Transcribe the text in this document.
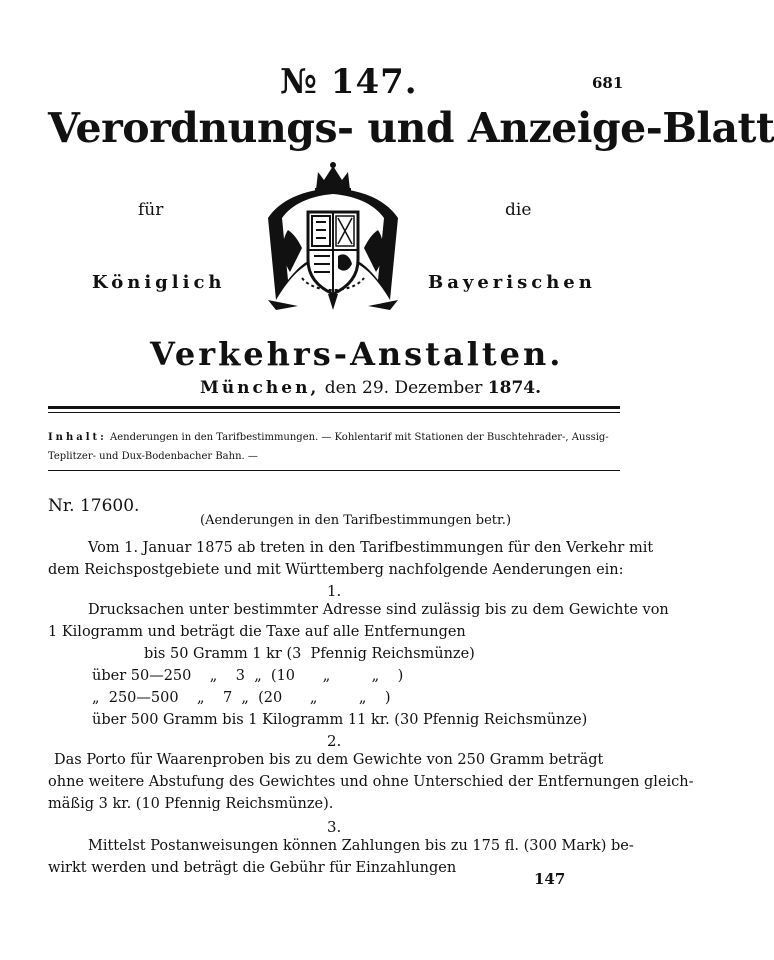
№ 147.	681
Verordnungs- und Anzeige-Blatt
für	die
Königlich	Bayerischen
Verkehrs-Anstalten.
München, den 29. Dezember 1874.
Inhalt: Aenderungen in den Tarifbestimmungen. — Kohlentarif mit Stationen der Buschtehrader-, Aussig-Teplitzer- und Dux-Bodenbacher Bahn. —
Nr. 17600.
(Aenderungen in den Tarifbestimmungen betr.)
Vom 1. Januar 1875 ab treten in den Tarifbestimmungen für den Verkehr mit
dem Reichspostgebiete und mit Württemberg nachfolgende Aenderungen ein:
1.
Drucksachen unter bestimmter Adresse sind zulässig bis zu dem Gewichte von
1 Kilogramm und beträgt die Taxe auf alle Entfernungen
bis 50 Gramm 1 kr (3  Pfennig Reichsmünze)
über 50—250    „    3  „  (10      „         „    )
„  250—500    „    7  „  (20      „         „    )
über 500 Gramm bis 1 Kilogramm 11 kr. (30 Pfennig Reichsmünze)
2.
Das Porto für Waarenproben bis zu dem Gewichte von 250 Gramm beträgt
ohne weitere Abstufung des Gewichtes und ohne Unterschied der Entfernungen gleich-
mäßig 3 kr. (10 Pfennig Reichsmünze).
3.
Mittelst Postanweisungen können Zahlungen bis zu 175 fl. (300 Mark) be-
wirkt werden und beträgt die Gebühr für Einzahlungen
147
